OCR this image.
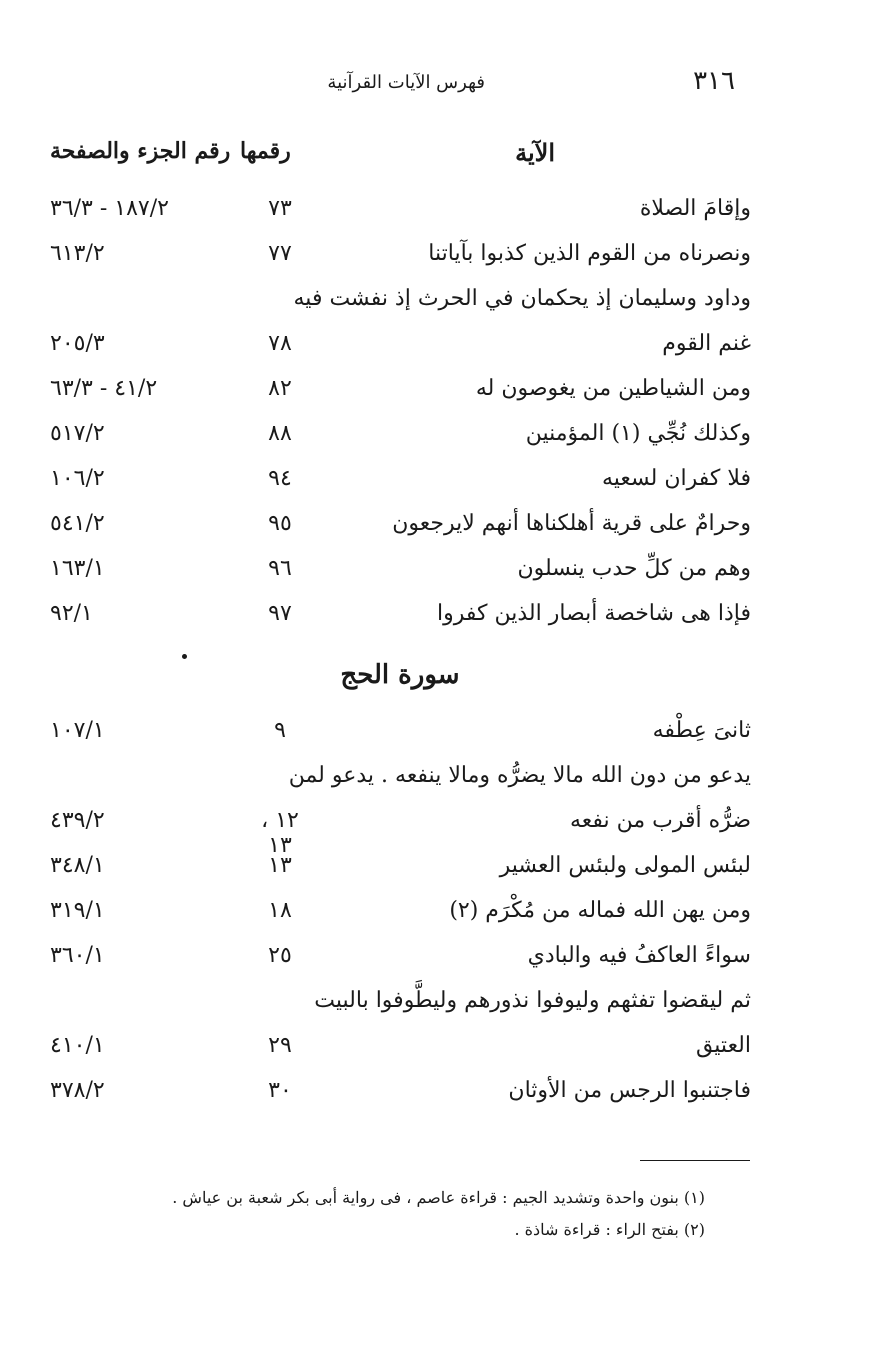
٣١٦
فهرس الآيات القرآنية
الآية
رقمها
رقم الجزء والصفحة
وإقامَ الصلاة
٧٣
١٨٧/٢ - ٣٦/٣
ونصرناه من القوم الذين كذبوا بآياتنا
٧٧
٦١٣/٢
وداود وسليمان إذ يحكمان في الحرث إذ نفشت فيه
غنم القوم
٧٨
٢٠٥/٣
ومن الشياطين من يغوصون له
٨٢
٤١/٢ - ٦٣/٣
وكذلك نُجِّي (١) المؤمنين
٨٨
٥١٧/٢
فلا كفران لسعيه
٩٤
١٠٦/٢
وحرامٌ على قرية أهلكناها أنهم لايرجعون
٩٥
٥٤١/٢
وهم من كلِّ حدب ينسلون
٩٦
١٦٣/١
فإذا هى شاخصة أبصار الذين كفروا
٩٧
٩٢/١
سورة الحج
ثانىَ عِطْفه
٩
١٠٧/١
يدعو من دون الله مالا يضرُّه ومالا ينفعه . يدعو لمن
ضرُّه أقرب من نفعه
١٢ ، ١٣
٤٣٩/٢
لبئس المولى ولبئس العشير
١٣
٣٤٨/١
ومن يهن الله فماله من مُكْرَم (٢)
١٨
٣١٩/١
سواءً العاكفُ فيه والبادي
٢٥
٣٦٠/١
ثم ليقضوا تفثهم وليوفوا نذورهم وليطَّوفوا بالبيت
العتيق
٢٩
٤١٠/١
فاجتنبوا الرجس من الأوثان
٣٠
٣٧٨/٢
(١) بنون واحدة وتشديد الجيم : قراءة عاصم ، فى رواية أبى بكر شعبة بن عياش .
(٢) بفتح الراء : قراءة شاذة .
